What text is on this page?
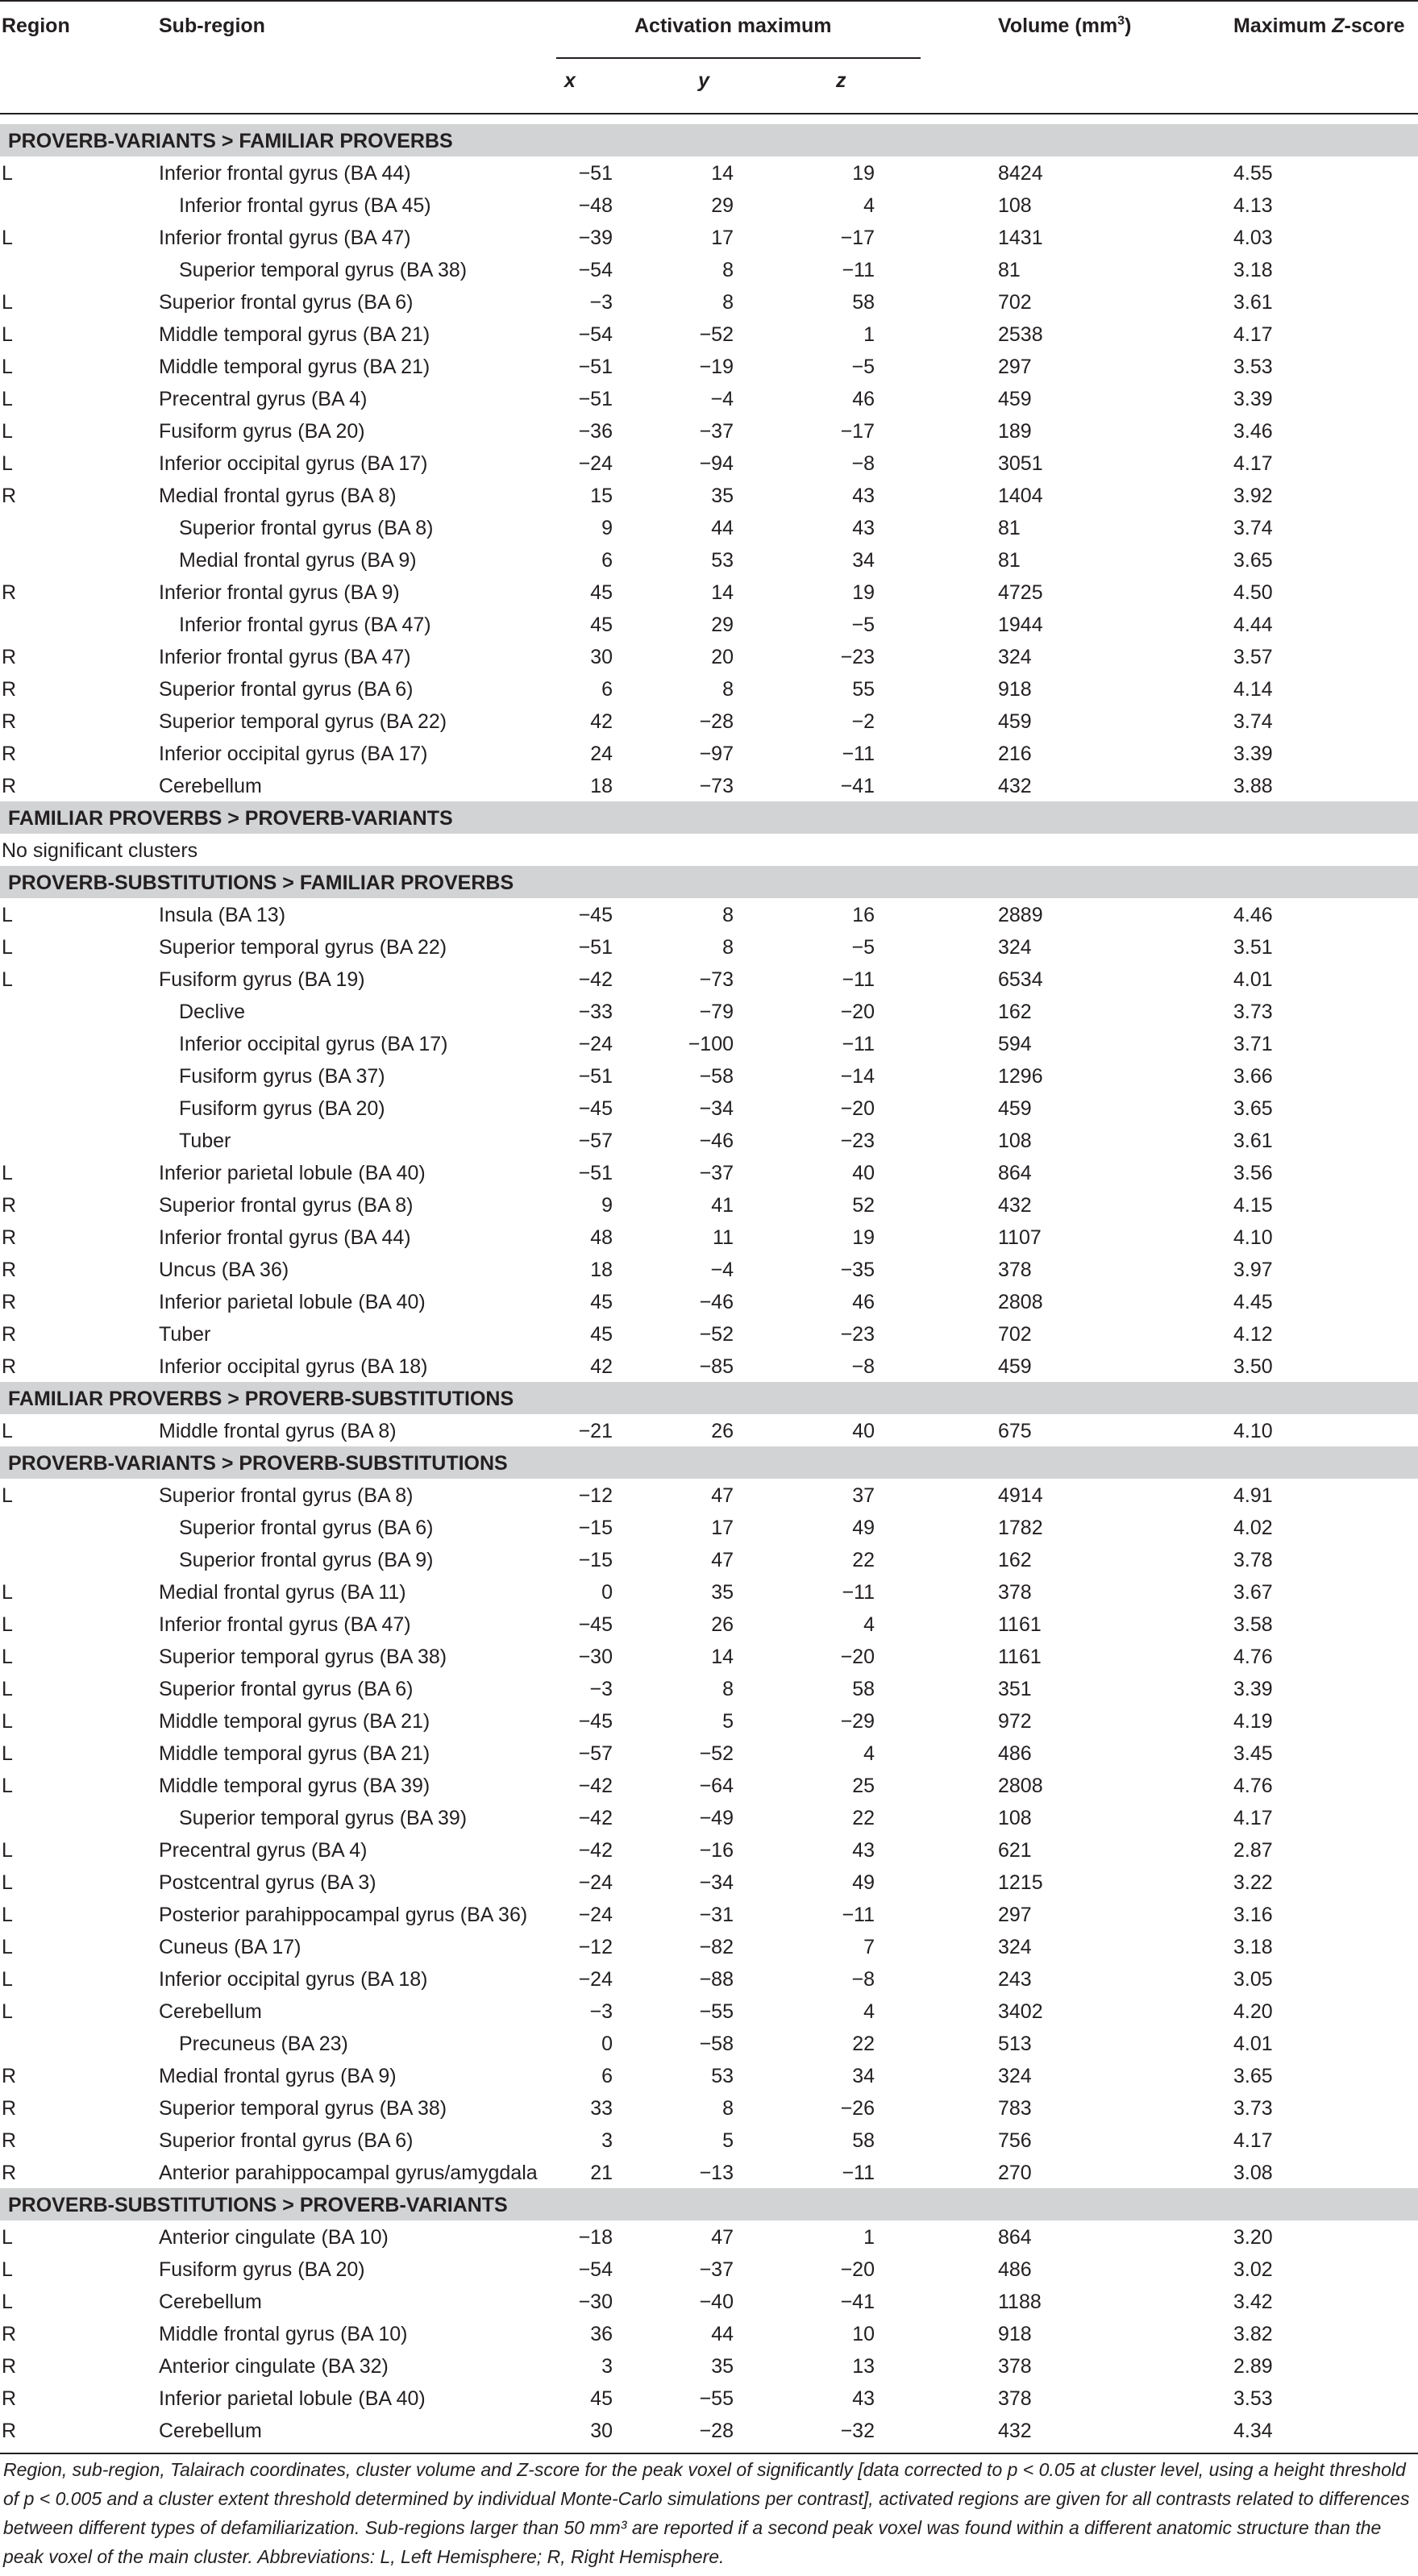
Region	Sub-region	Activation maximum	Volume $(mm^3)$	Maximum Z-score
x	y	z
PROVERB-VARIANTS > FAMILIAR PROVERBS
L	Inferior frontal gyrus (BA 44)	−51	14	19	8424	4.55
Inferior frontal gyrus (BA 45)	−48	29	4	108	4.13
L	Inferior frontal gyrus (BA 47)	−39	17	−17	1431	4.03
Superior temporal gyrus (BA 38)	−54	8	−11	81	3.18
L	Superior frontal gyrus (BA 6)	−3	8	58	702	3.61
L	Middle temporal gyrus (BA 21)	−54	−52	1	2538	4.17
L	Middle temporal gyrus (BA 21)	−51	−19	−5	297	3.53
L	Precentral gyrus (BA 4)	−51	−4	46	459	3.39
L	Fusiform gyrus (BA 20)	−36	−37	−17	189	3.46
L	Inferior occipital gyrus (BA 17)	−24	−94	−8	3051	4.17
R	Medial frontal gyrus (BA 8)	15	35	43	1404	3.92
Superior frontal gyrus (BA 8)	9	44	43	81	3.74
Medial frontal gyrus (BA 9)	6	53	34	81	3.65
R	Inferior frontal gyrus (BA 9)	45	14	19	4725	4.50
Inferior frontal gyrus (BA 47)	45	29	−5	1944	4.44
R	Inferior frontal gyrus (BA 47)	30	20	−23	324	3.57
R	Superior frontal gyrus (BA 6)	6	8	55	918	4.14
R	Superior temporal gyrus (BA 22)	42	−28	−2	459	3.74
R	Inferior occipital gyrus (BA 17)	24	−97	−11	216	3.39
R	Cerebellum	18	−73	−41	432	3.88
FAMILIAR PROVERBS > PROVERB-VARIANTS
No significant clusters
PROVERB-SUBSTITUTIONS > FAMILIAR PROVERBS
L	Insula (BA 13)	−45	8	16	2889	4.46
L	Superior temporal gyrus (BA 22)	−51	8	−5	324	3.51
L	Fusiform gyrus (BA 19)	−42	−73	−11	6534	4.01
Declive	−33	−79	−20	162	3.73
Inferior occipital gyrus (BA 17)	−24	−100	−11	594	3.71
Fusiform gyrus (BA 37)	−51	−58	−14	1296	3.66
Fusiform gyrus (BA 20)	−45	−34	−20	459	3.65
Tuber	−57	−46	−23	108	3.61
L	Inferior parietal lobule (BA 40)	−51	−37	40	864	3.56
R	Superior frontal gyrus (BA 8)	9	41	52	432	4.15
R	Inferior frontal gyrus (BA 44)	48	11	19	1107	4.10
R	Uncus (BA 36)	18	−4	−35	378	3.97
R	Inferior parietal lobule (BA 40)	45	−46	46	2808	4.45
R	Tuber	45	−52	−23	702	4.12
R	Inferior occipital gyrus (BA 18)	42	−85	−8	459	3.50
FAMILIAR PROVERBS > PROVERB-SUBSTITUTIONS
L	Middle frontal gyrus (BA 8)	−21	26	40	675	4.10
PROVERB-VARIANTS > PROVERB-SUBSTITUTIONS
L	Superior frontal gyrus (BA 8)	−12	47	37	4914	4.91
Superior frontal gyrus (BA 6)	−15	17	49	1782	4.02
Superior frontal gyrus (BA 9)	−15	47	22	162	3.78
L	Medial frontal gyrus (BA 11)	0	35	−11	378	3.67
L	Inferior frontal gyrus (BA 47)	−45	26	4	1161	3.58
L	Superior temporal gyrus (BA 38)	−30	14	−20	1161	4.76
L	Superior frontal gyrus (BA 6)	−3	8	58	351	3.39
L	Middle temporal gyrus (BA 21)	−45	5	−29	972	4.19
L	Middle temporal gyrus (BA 21)	−57	−52	4	486	3.45
L	Middle temporal gyrus (BA 39)	−42	−64	25	2808	4.76
Superior temporal gyrus (BA 39)	−42	−49	22	108	4.17
L	Precentral gyrus (BA 4)	−42	−16	43	621	2.87
L	Postcentral gyrus (BA 3)	−24	−34	49	1215	3.22
L	Posterior parahippocampal gyrus (BA 36)	−24	−31	−11	297	3.16
L	Cuneus (BA 17)	−12	−82	7	324	3.18
L	Inferior occipital gyrus (BA 18)	−24	−88	−8	243	3.05
L	Cerebellum	−3	−55	4	3402	4.20
Precuneus (BA 23)	0	−58	22	513	4.01
R	Medial frontal gyrus (BA 9)	6	53	34	324	3.65
R	Superior temporal gyrus (BA 38)	33	8	−26	783	3.73
R	Superior frontal gyrus (BA 6)	3	5	58	756	4.17
R	Anterior parahippocampal gyrus/amygdala	21	−13	−11	270	3.08
PROVERB-SUBSTITUTIONS > PROVERB-VARIANTS
L	Anterior cingulate (BA 10)	−18	47	1	864	3.20
L	Fusiform gyrus (BA 20)	−54	−37	−20	486	3.02
L	Cerebellum	−30	−40	−41	1188	3.42
R	Middle frontal gyrus (BA 10)	36	44	10	918	3.82
R	Anterior cingulate (BA 32)	3	35	13	378	2.89
R	Inferior parietal lobule (BA 40)	45	−55	43	378	3.53
R	Cerebellum	30	−28	−32	432	4.34
Region, sub-region, Talairach coordinates, cluster volume and Z-score for the peak voxel of significantly [data corrected to p < 0.05 at cluster level, using a height threshold of p < 0.005 and a cluster extent threshold determined by individual Monte-Carlo simulations per contrast], activated regions are given for all contrasts related to differences between different types of defamiliarization. Sub-regions larger than 50 mm³ are reported if a second peak voxel was found within a different anatomic structure than the peak voxel of the main cluster. Abbreviations: L, Left Hemisphere; R, Right Hemisphere.
